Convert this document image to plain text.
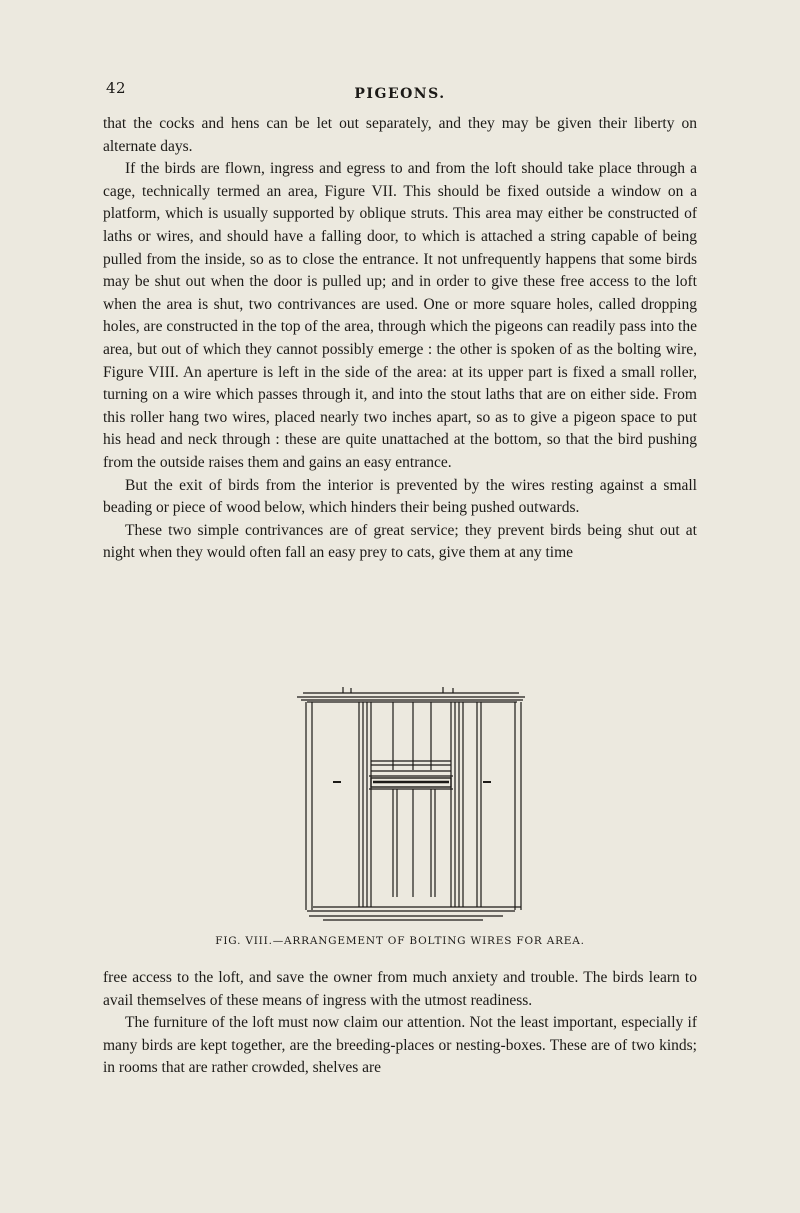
42	PIGEONS.

that the cocks and hens can be let out separately, and they may be given their liberty on alternate days.

If the birds are flown, ingress and egress to and from the loft should take place through a cage, technically termed an area, Figure VII. This should be fixed outside a window on a platform, which is usually supported by oblique struts. This area may either be constructed of laths or wires, and should have a falling door, to which is attached a string capable of being pulled from the inside, so as to close the entrance. It not unfrequently happens that some birds may be shut out when the door is pulled up; and in order to give these free access to the loft when the area is shut, two contrivances are used. One or more square holes, called dropping holes, are constructed in the top of the area, through which the pigeons can readily pass into the area, but out of which they cannot possibly emerge : the other is spoken of as the bolting wire, Figure VIII. An aperture is left in the side of the area: at its upper part is fixed a small roller, turning on a wire which passes through it, and into the stout laths that are on either side. From this roller hang two wires, placed nearly two inches apart, so as to give a pigeon space to put his head and neck through : these are quite unattached at the bottom, so that the bird pushing from the outside raises them and gains an easy entrance.

But the exit of birds from the interior is prevented by the wires resting against a small beading or piece of wood below, which hinders their being pushed outwards.

These two simple contrivances are of great service; they prevent birds being shut out at night when they would often fall an easy prey to cats, give them at any time

FIG. VIII.—ARRANGEMENT OF BOLTING WIRES FOR AREA.

free access to the loft, and save the owner from much anxiety and trouble. The birds learn to avail themselves of these means of ingress with the utmost readiness.

The furniture of the loft must now claim our attention. Not the least important, especially if many birds are kept together, are the breeding-places or nesting-boxes. These are of two kinds; in rooms that are rather crowded, shelves are
